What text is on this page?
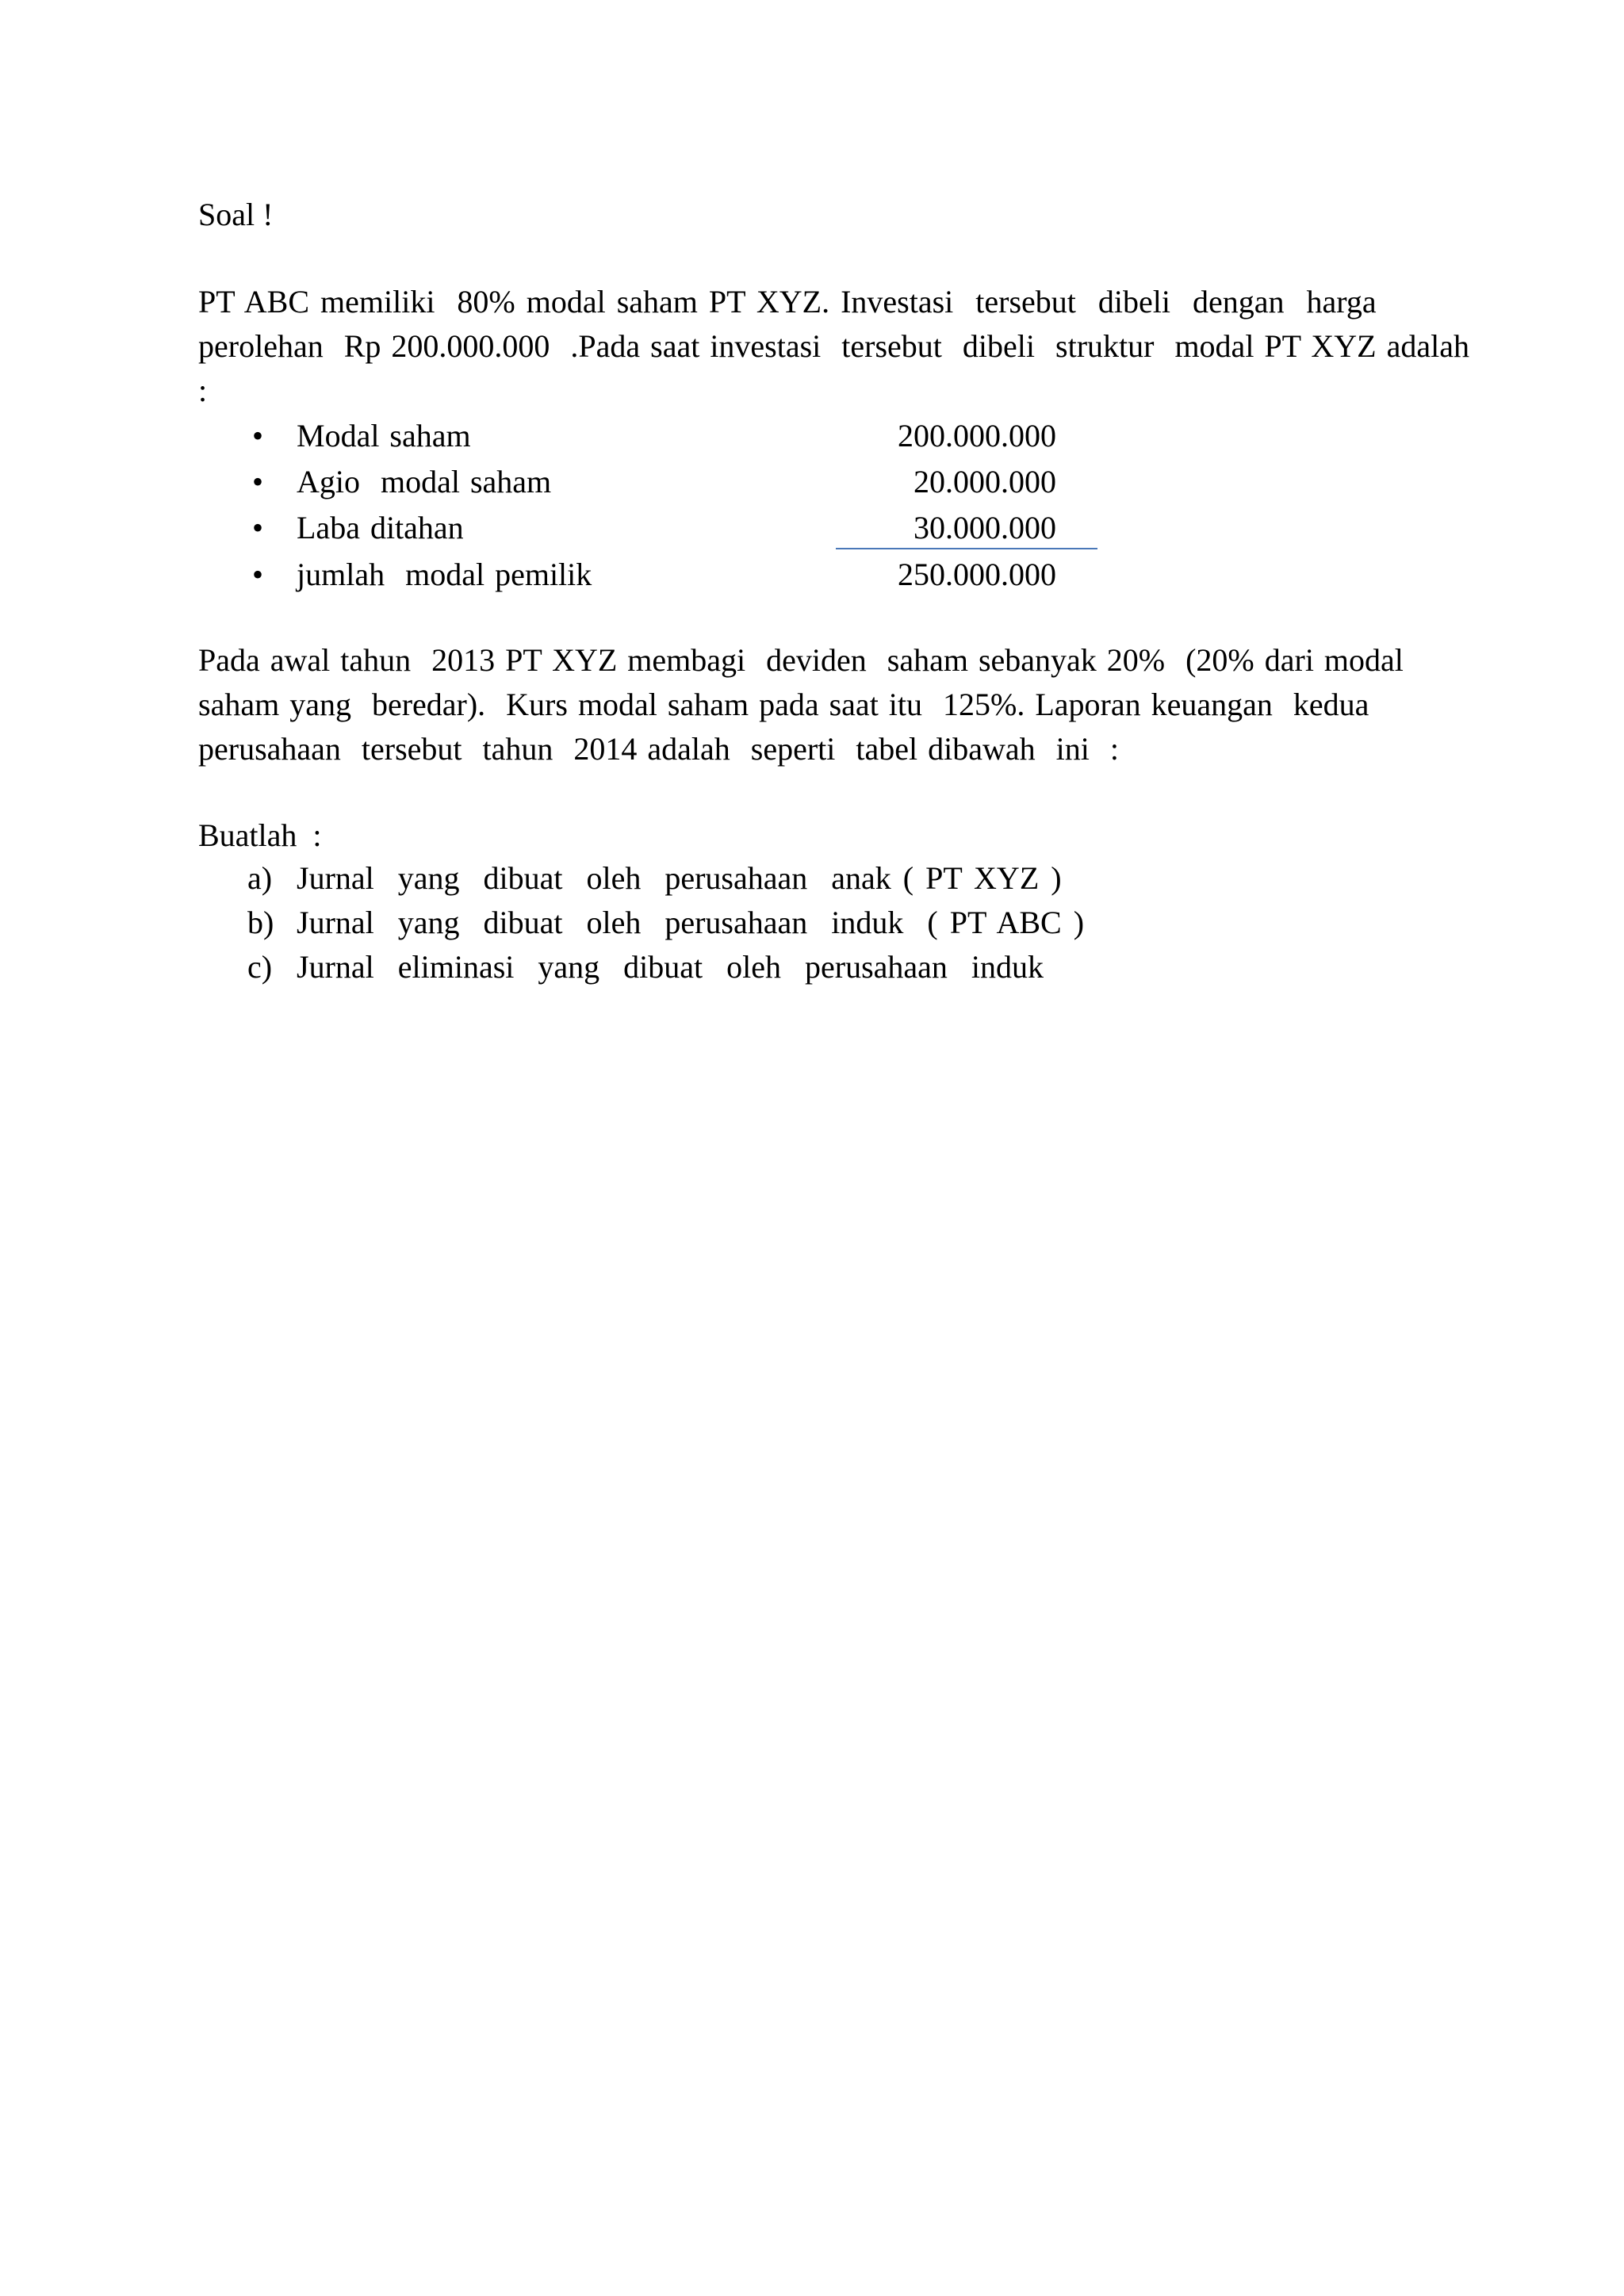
Soal !

PT ABC memiliki  80% modal saham PT XYZ. Investasi  tersebut  dibeli  dengan  harga

perolehan  Rp 200.000.000  .Pada saat investasi  tersebut  dibeli  struktur  modal PT XYZ adalah

:

• Modal saham	200.000.000
• Agio  modal saham	20.000.000
• Laba ditahan	30.000.000
• jumlah  modal pemilik	250.000.000

Pada awal tahun  2013 PT XYZ membagi  deviden  saham sebanyak 20%  (20% dari modal

saham yang  beredar).  Kurs modal saham pada saat itu  125%. Laporan keuangan  kedua

perusahaan  tersebut  tahun  2014 adalah  seperti  tabel dibawah  ini  :

Buatlah  :

a) Jurnal  yang  dibuat  oleh  perusahaan  anak ( PT XYZ )
b) Jurnal  yang  dibuat  oleh  perusahaan  induk  ( PT ABC )
c) Jurnal  eliminasi  yang  dibuat  oleh  perusahaan  induk
